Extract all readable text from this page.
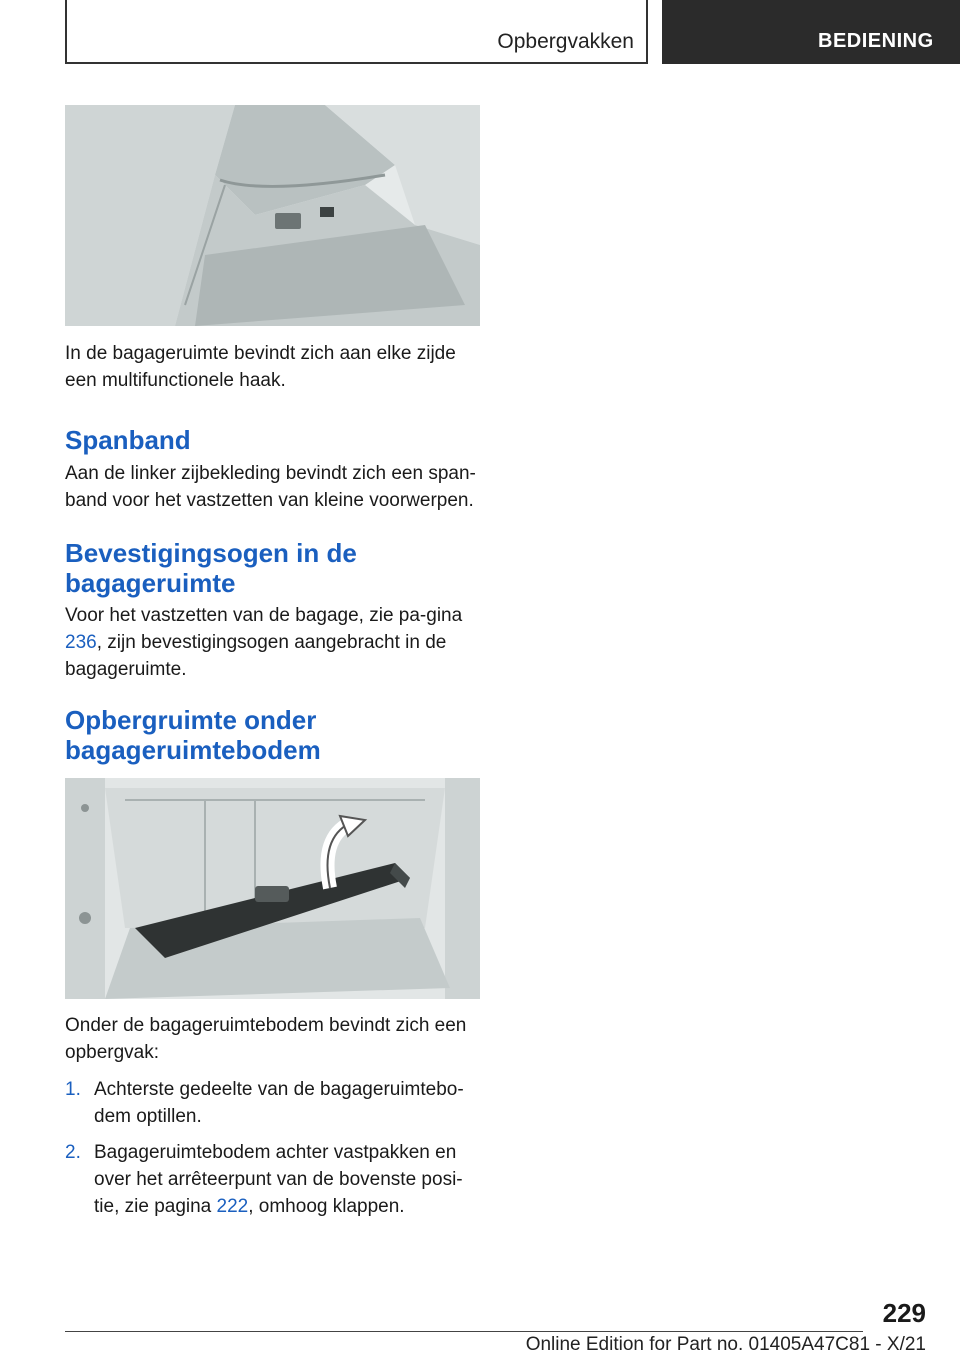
Opbergvakken	BEDIENING

In de bagageruimte bevindt zich aan elke zijde een multifunctionele haak.

Spanband

Aan de linker zijbekleding bevindt zich een span‐band voor het vastzetten van kleine voorwerpen.

Bevestigingsogen in de bagageruimte

Voor het vastzetten van de bagage, zie pa‐gina 236, zijn bevestigingsogen aangebracht in de bagageruimte.

Opbergruimte onder bagageruimtebodem

Onder de bagageruimtebodem bevindt zich een opbergvak:

1. Achterste gedeelte van de bagageruimtebo‐dem optillen.
2. Bagageruimtebodem achter vastpakken en over het arrêteerpunt van de bovenste posi‐tie, zie pagina 222, omhoog klappen.
229
Online Edition for Part no. 01405A47C81 - X/21
